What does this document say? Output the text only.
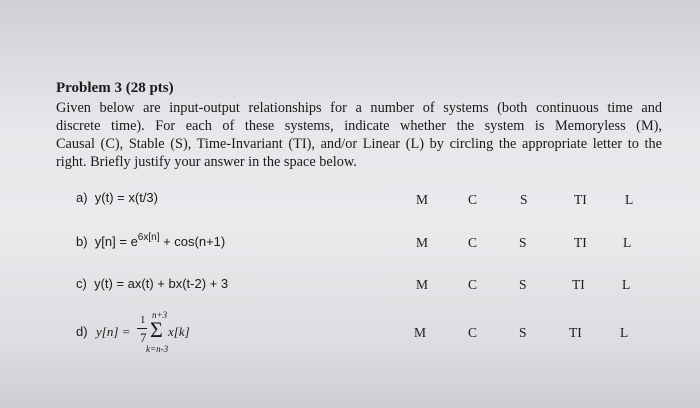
Problem 3 (28 pts)
Given below are input-output relationships for a number of systems (both continuous time and
discrete time). For each of these systems, indicate whether the system is Memoryless (M),
Causal (C), Stable (S), Time-Invariant (TI), and/or Linear (L) by circling the appropriate letter to the
right. Briefly justify your answer in the space below.
a) y(t) = x(t/3)	M	C	S	TI	L
b) $y[n] = e^{6x[n]} + \cos(n+1)$	M	C	S	TI	L
c) y(t) = ax(t) + bx(t-2) + 3	M	C	S	TI	L
d) y[n] =
1
7
n+3
Σ
k=n-3
x[k]	M	C	S	TI	L
